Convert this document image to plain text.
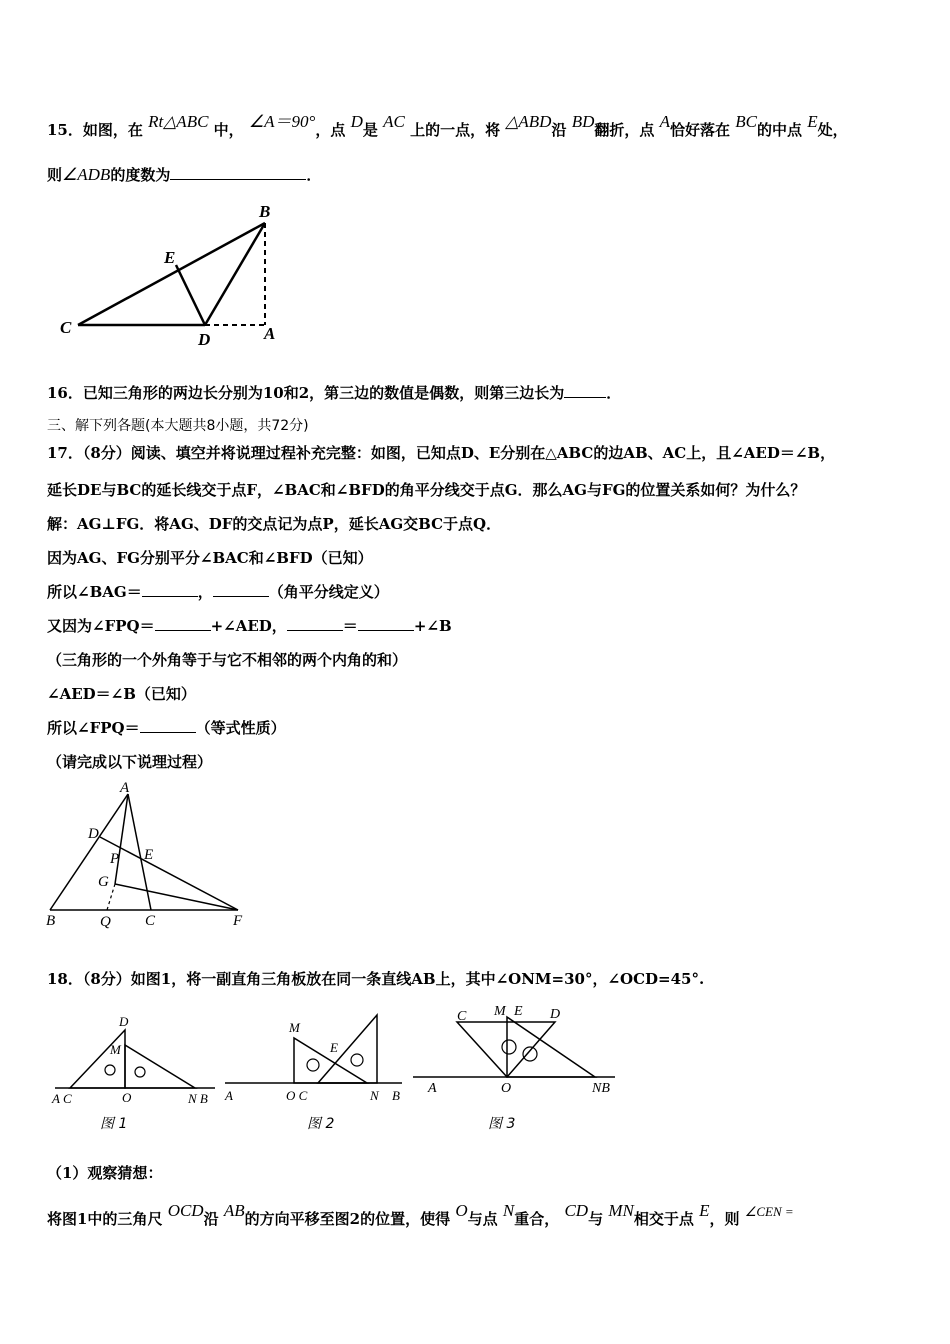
15．如图，在 Rt△ABC 中， ∠A＝90°，点 D是 AC 上的一点，将 △ABD沿 BD翻折，点 A恰好落在 BC的中点 E处，
则∠ADB的度数为	．
B
E
C
D	A
16．已知三角形的两边长分别为10和2，第三边的数值是偶数，则第三边长为	．
三、解下列各题(本大题共8小题，共72分)
17．（8分）阅读、填空并将说理过程补充完整：如图，已知点D、E分别在△ABC的边AB、AC上，且∠AED＝∠B，
延长DE与BC的延长线交于点F，∠BAC和∠BFD的角平分线交于点G．那么AG与FG的位置关系如何？为什么？
解：AG⊥FG．将AG、DF的交点记为点P，延长AG交BC于点Q．
因为AG、FG分别平分∠BAC和∠BFD（已知）
所以∠BAG＝	，	（角平分线定义）
又因为∠FPQ＝	+∠AED，	＝	+∠B
（三角形的一个外角等于与它不相邻的两个内角的和）
∠AED＝∠B（已知）
所以∠FPQ＝	（等式性质）
（请完成以下说理过程）
A
D
P E
G
B	Q C	F
18．（8分）如图1，将一副直角三角板放在同一条直线AB上，其中∠ONM=30°，∠OCD=45°.
D
M
A C	O	N B
图 1
M
E
A	O C	N B
图 2
C M E D
A	O	NB
图 3
（1）观察猜想：
将图1中的三角尺 OCD沿 AB的方向平移至图2的位置，使得 O与点 N重合， CD与 MN相交于点 E，则 ∠CEN =
